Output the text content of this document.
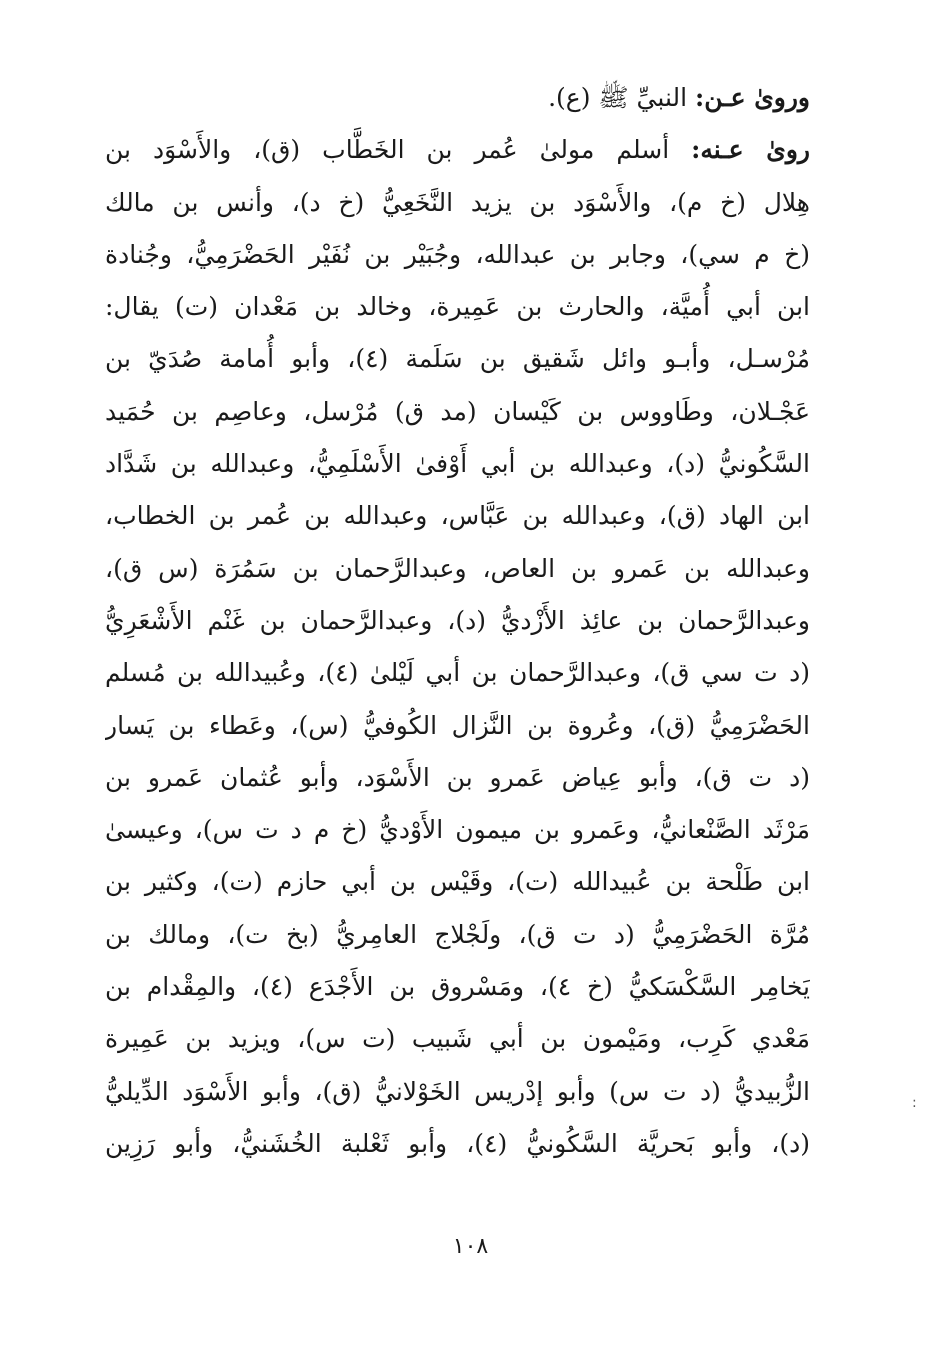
وروىٰ عـن: النبيِّ ﷺ (ع).
روىٰ عـنه: أسلم مولىٰ عُمر بن الخَطَّاب (ق)، والأَسْوَد بن
هِلال (خ م)، والأَسْوَد بن يزيد النَّخَعِيُّ (خ د)، وأنس بن مالك
(خ م سي)، وجابر بن عبدالله، وجُبَيْر بن نُفَيْر الحَضْرَمِيُّ، وجُنادة
ابن أبي أُميَّة، والحارث بن عَمِيرة، وخالد بن مَعْدان (ت) يقال:
مُرْسـل، وأبـو وائل شَقيق بن سَلَمة (٤)، وأبو أُمامة صُدَيّ بن
عَجْـلان، وطَاووس بن كَيْسان (مد ق) مُرْسل، وعاصِم بن حُمَيد
السَّكُونيُّ (د)، وعبدالله بن أبي أَوْفىٰ الأَسْلَمِيُّ، وعبدالله بن شَدَّاد
ابن الهاد (ق)، وعبدالله بن عَبَّاس، وعبدالله بن عُمر بن الخطاب،
وعبدالله بن عَمرو بن العاص، وعبدالرَّحمان بن سَمُرَة (س ق)،
وعبدالرَّحمان بن عائِذ الأَزْديُّ (د)، وعبدالرَّحمان بن غَنْم الأَشْعَرِيُّ
(د ت سي ق)، وعبدالرَّحمان بن أبي لَيْلىٰ (٤)، وعُبيدالله بن مُسلم
الحَضْرَمِيُّ (ق)، وعُروة بن النَّزال الكُوفيُّ (س)، وعَطاء بن يَسار
(د ت ق)، وأبو عِياض عَمرو بن الأَسْوَد، وأبو عُثمان عَمرو بن
مَرْثَد الصَّنْعانيُّ، وعَمرو بن ميمون الأَوْديُّ (خ م د ت س)، وعيسىٰ
ابن طَلْحة بن عُبيدالله (ت)، وقَيْس بن أبي حازم (ت)، وكثير بن
مُرَّة الحَضْرَمِيُّ (د ت ق)، ولَجْلاج العامِريُّ (بخ ت)، ومالك بن
يَخامِر السَّكْسَكيُّ (خ ٤)، ومَسْروق بن الأَجْدَع (٤)، والمِقْدام بن
مَعْدي كَرِب، ومَيْمون بن أبي شَبيب (ت س)، ويزيد بن عَمِيرة
الزُّبيديُّ (د ت س) وأبو إدْريس الخَوْلانيُّ (ق)، وأبو الأَسْوَد الدِّيليُّ
(د)، وأبو بَحريَّة السَّكُونيُّ (٤)، وأبو ثَعْلبة الخُشَنيُّ، وأبو رَزِين
:
١٠٨
